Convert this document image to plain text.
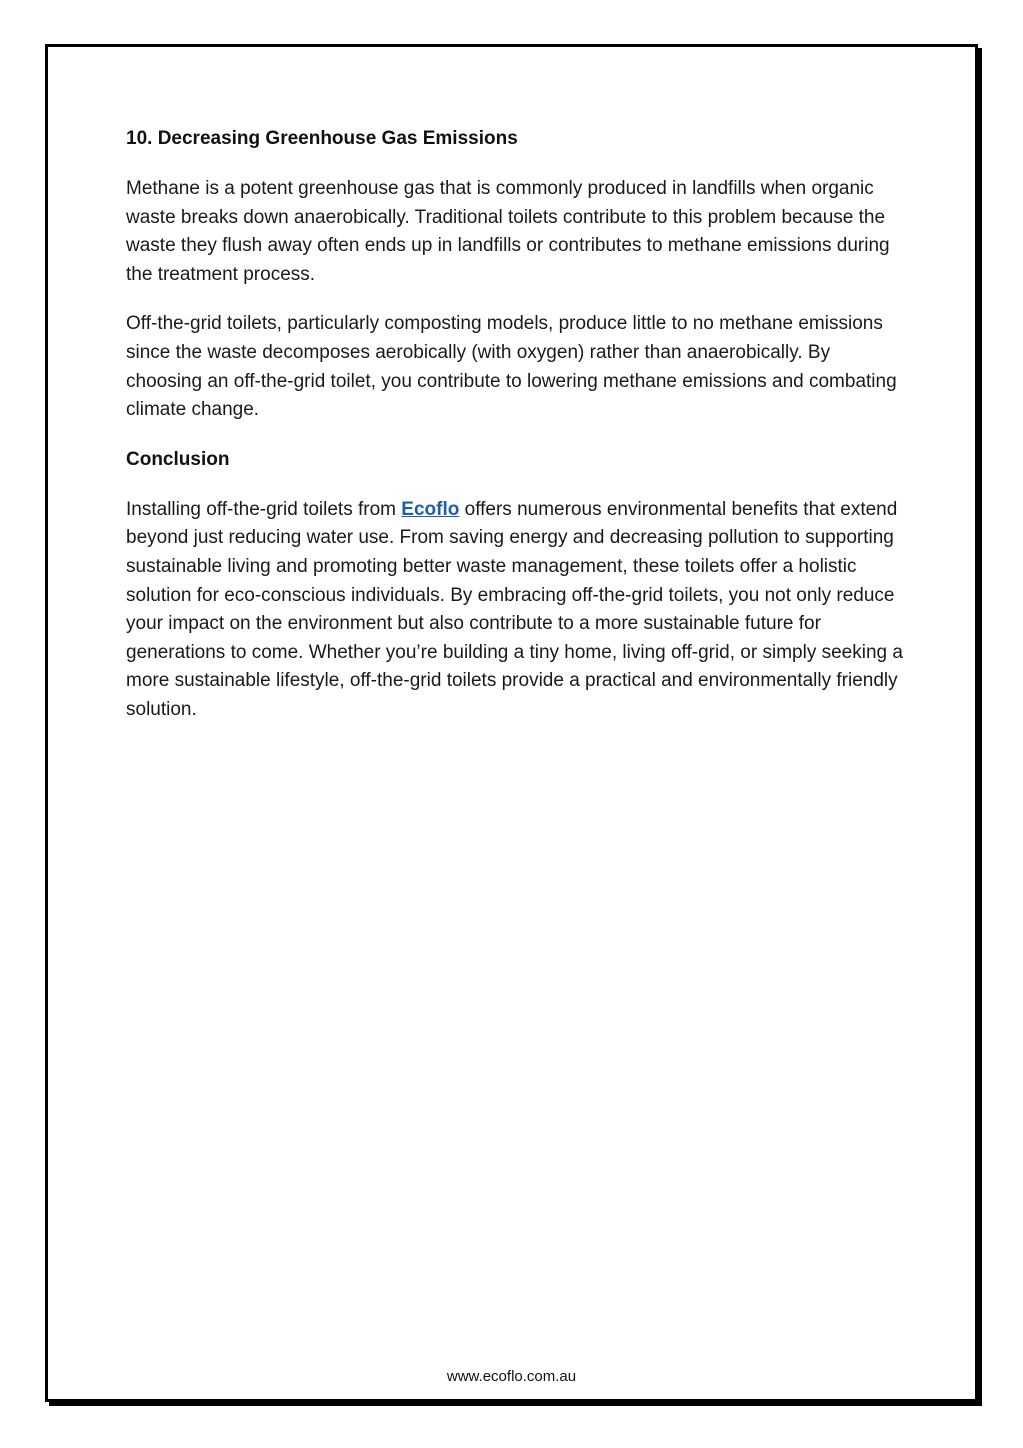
10. Decreasing Greenhouse Gas Emissions

Methane is a potent greenhouse gas that is commonly produced in landfills when organic waste breaks down anaerobically. Traditional toilets contribute to this problem because the waste they flush away often ends up in landfills or contributes to methane emissions during the treatment process.

Off-the-grid toilets, particularly composting models, produce little to no methane emissions since the waste decomposes aerobically (with oxygen) rather than anaerobically. By choosing an off-the-grid toilet, you contribute to lowering methane emissions and combating climate change.

Conclusion

Installing off-the-grid toilets from Ecoflo offers numerous environmental benefits that extend beyond just reducing water use. From saving energy and decreasing pollution to supporting sustainable living and promoting better waste management, these toilets offer a holistic solution for eco-conscious individuals. By embracing off-the-grid toilets, you not only reduce your impact on the environment but also contribute to a more sustainable future for generations to come. Whether you’re building a tiny home, living off-grid, or simply seeking a more sustainable lifestyle, off-the-grid toilets provide a practical and environmentally friendly solution.

www.ecoflo.com.au
